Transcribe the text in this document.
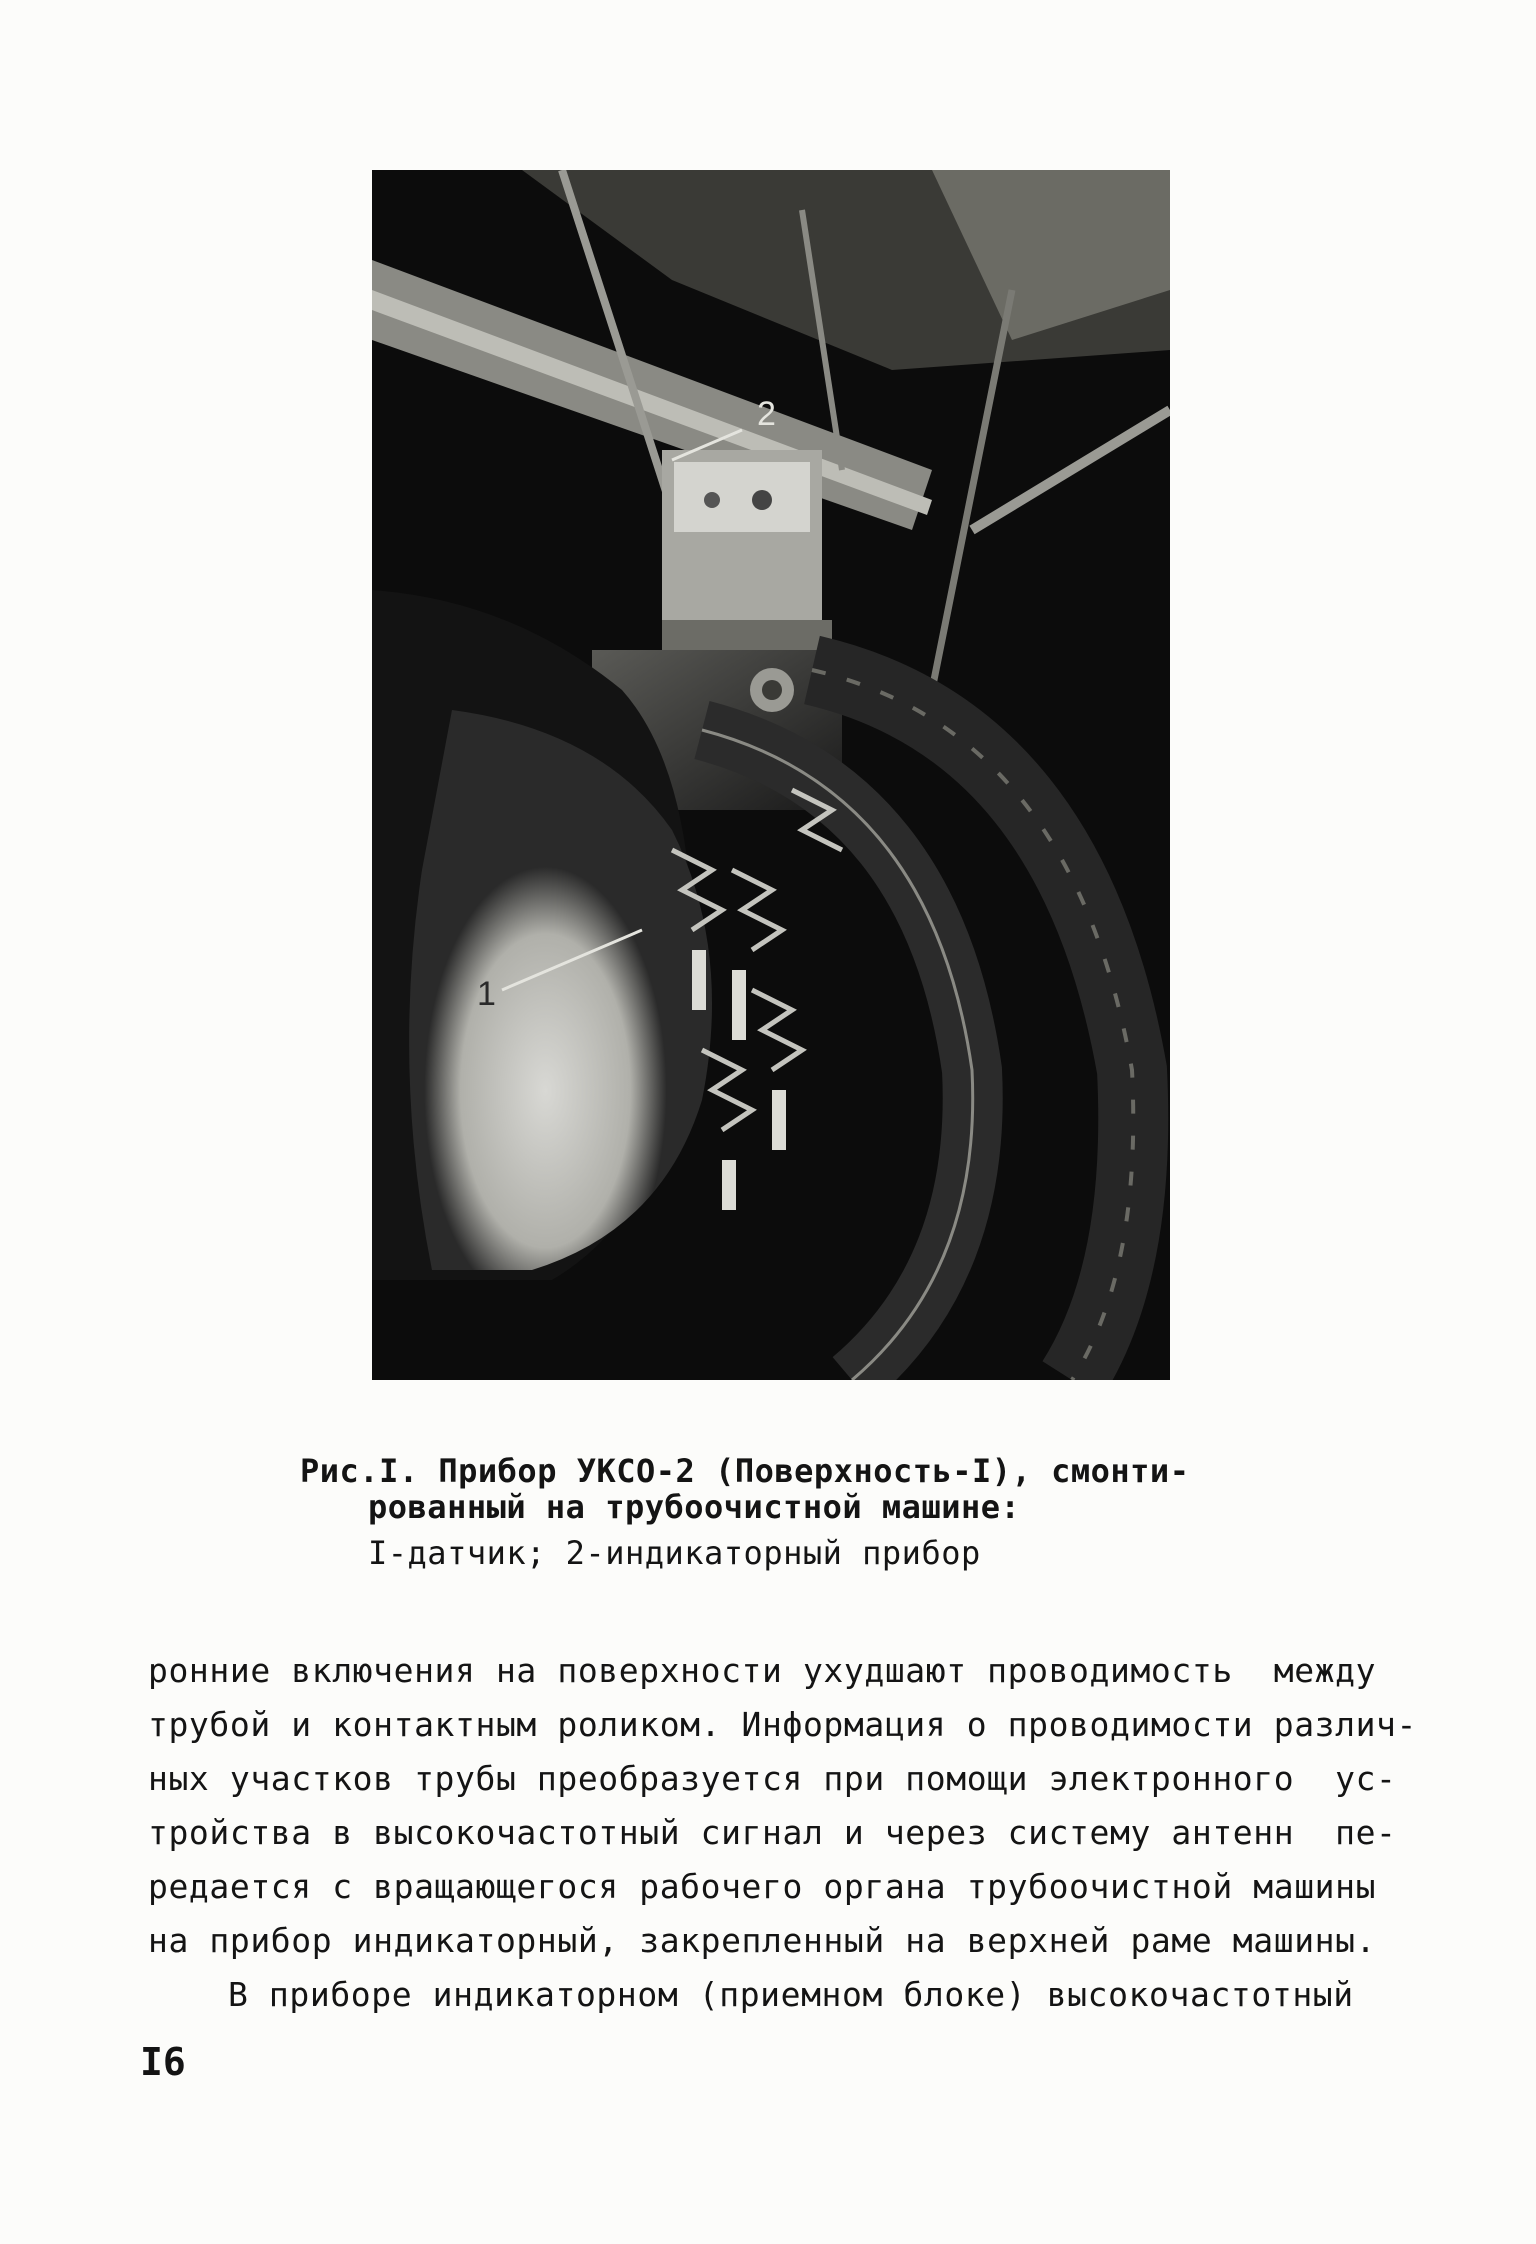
2
1
Рис.I. Прибор УКСО-2 (Поверхность-I), смонти-
рованный на трубоочистной машине:
I-датчик; 2-индикаторный прибор
ронние включения на поверхности ухудшают проводимость  между
трубой и контактным роликом. Информация о проводимости различ-
ных участков трубы преобразуется при помощи электронного  ус-
тройства в высокочастотный сигнал и через систему антенн  пе-
редается с вращающегося рабочего органа трубоочистной машины
на прибор индикаторный, закрепленный на верхней раме машины.
В приборе индикаторном (приемном блоке) высокочастотный
I6
